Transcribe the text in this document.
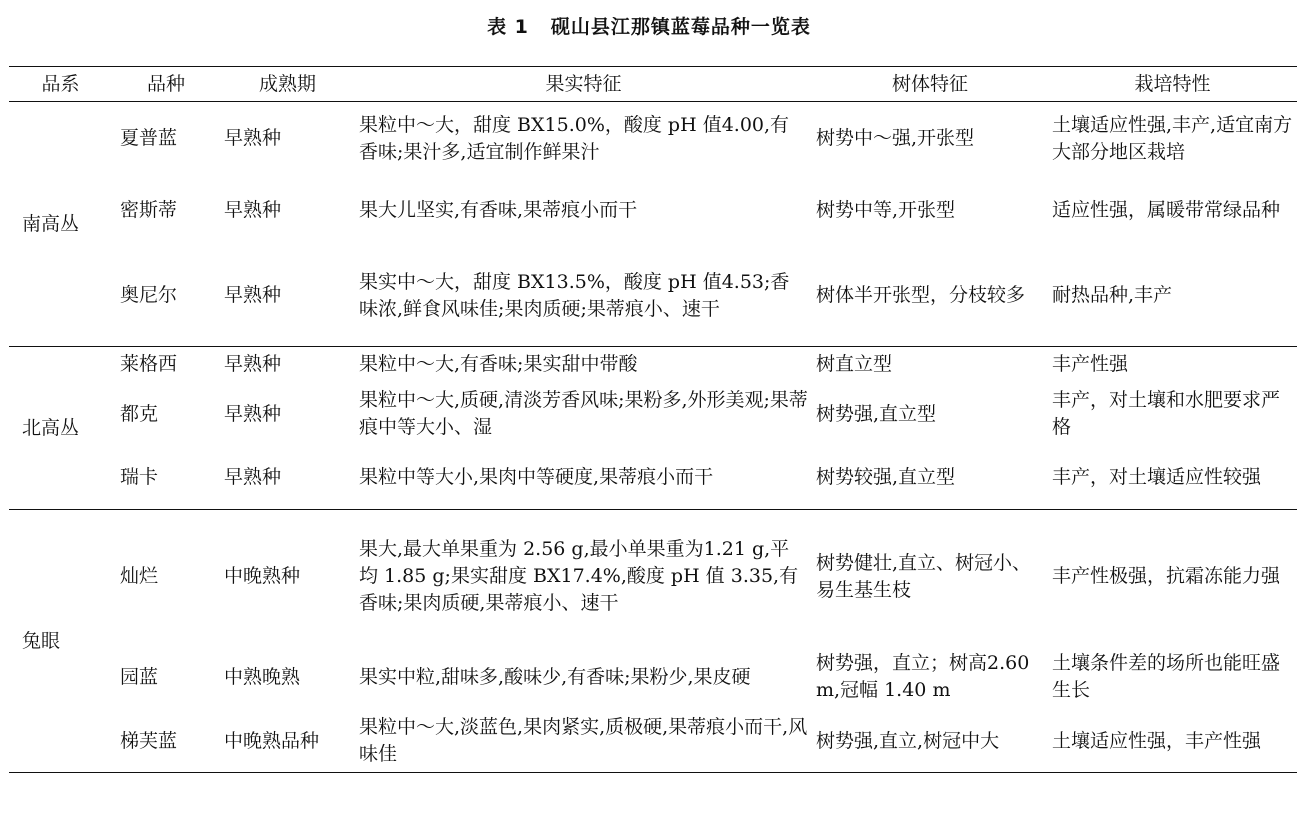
表 1 砚山县江那镇蓝莓品种一览表
品系	品种	成熟期	果实特征	树体特征	栽培特性
南高丛	夏普蓝	早熟种	果粒中～大，甜度 BX15.0%，酸度 pH 值4.00,有香味;果汁多,适宜制作鲜果汁	树势中～强,开张型	土壤适应性强,丰产,适宜南方大部分地区栽培
	密斯蒂	早熟种	果大儿坚实,有香味,果蒂痕小而干	树势中等,开张型	适应性强，属暖带常绿品种
	奥尼尔	早熟种	果实中～大，甜度 BX13.5%，酸度 pH 值4.53;香味浓,鲜食风味佳;果肉质硬;果蒂痕小、速干	树体半开张型，分枝较多	耐热品种,丰产
北高丛	莱格西	早熟种	果粒中～大,有香味;果实甜中带酸	树直立型	丰产性强
	都克	早熟种	果粒中～大,质硬,清淡芳香风味;果粉多,外形美观;果蒂痕中等大小、湿	树势强,直立型	丰产，对土壤和水肥要求严格
	瑞卡	早熟种	果粒中等大小,果肉中等硬度,果蒂痕小而干	树势较强,直立型	丰产，对土壤适应性较强
兔眼	灿烂	中晚熟种	果大,最大单果重为 2.56 g,最小单果重为1.21 g,平均 1.85 g;果实甜度 BX17.4%,酸度 pH 值 3.35,有香味;果肉质硬,果蒂痕小、速干	树势健壮,直立、树冠小、易生基生枝	丰产性极强，抗霜冻能力强
	园蓝	中熟晚熟	果实中粒,甜味多,酸味少,有香味;果粉少,果皮硬	树势强，直立；树高2.60 m,冠幅 1.40 m	土壤条件差的场所也能旺盛生长
	梯芙蓝	中晚熟品种	果粒中～大,淡蓝色,果肉紧实,质极硬,果蒂痕小而干,风味佳	树势强,直立,树冠中大	土壤适应性强，丰产性强
